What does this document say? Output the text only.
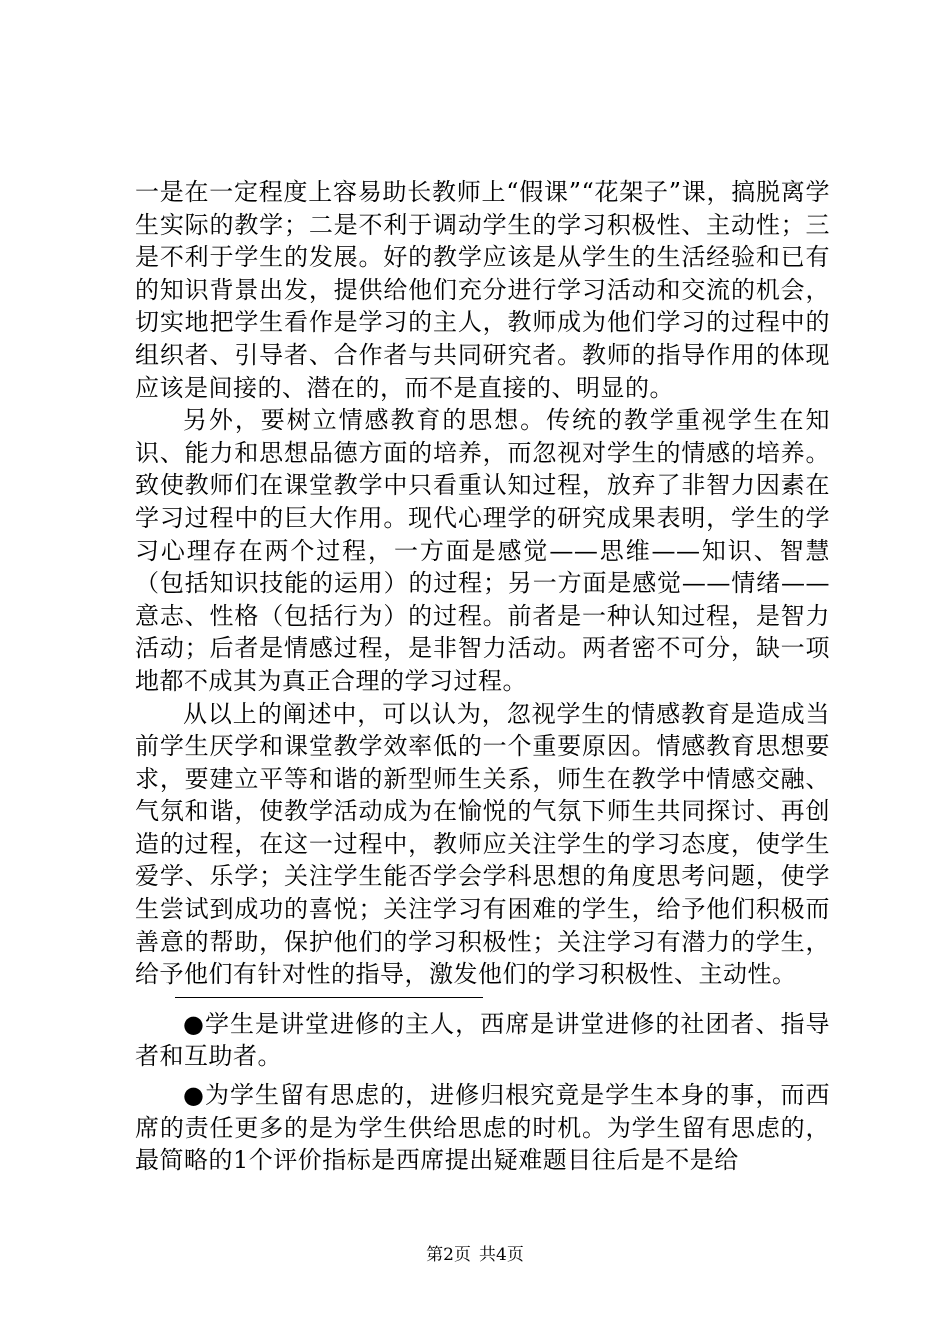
一是在一定程度上容易助长教师上“假课”“花架子”课，搞脱离学生实际的教学；二是不利于调动学生的学习积极性、主动性；三是不利于学生的发展。好的教学应该是从学生的生活经验和已有的知识背景出发，提供给他们充分进行学习活动和交流的机会，切实地把学生看作是学习的主人，教师成为他们学习的过程中的组织者、引导者、合作者与共同研究者。教师的指导作用的体现应该是间接的、潜在的，而不是直接的、明显的。

另外，要树立情感教育的思想。传统的教学重视学生在知识、能力和思想品德方面的培养，而忽视对学生的情感的培养。致使教师们在课堂教学中只看重认知过程，放弃了非智力因素在学习过程中的巨大作用。现代心理学的研究成果表明，学生的学习心理存在两个过程，一方面是感觉——思维——知识、智慧（包括知识技能的运用）的过程；另一方面是感觉——情绪——意志、性格（包括行为）的过程。前者是一种认知过程，是智力活动；后者是情感过程，是非智力活动。两者密不可分，缺一项地都不成其为真正合理的学习过程。

从以上的阐述中，可以认为，忽视学生的情感教育是造成当前学生厌学和课堂教学效率低的一个重要原因。情感教育思想要求，要建立平等和谐的新型师生关系，师生在教学中情感交融、气氛和谐，使教学活动成为在愉悦的气氛下师生共同探讨、再创造的过程，在这一过程中，教师应关注学生的学习态度，使学生爱学、乐学；关注学生能否学会学科思想的角度思考问题，使学生尝试到成功的喜悦；关注学习有困难的学生，给予他们积极而善意的帮助，保护他们的学习积极性；关注学习有潜力的学生，给予他们有针对性的指导，激发他们的学习积极性、主动性。

●学生是讲堂进修的主人，西席是讲堂进修的社团者、指导者和互助者。

●为学生留有思虑的，进修归根究竟是学生本身的事，而西席的责任更多的是为学生供给思虑的时机。为学生留有思虑的，最简略的1个评价指标是西席提出疑难题目往后是不是给

第2页 共4页
